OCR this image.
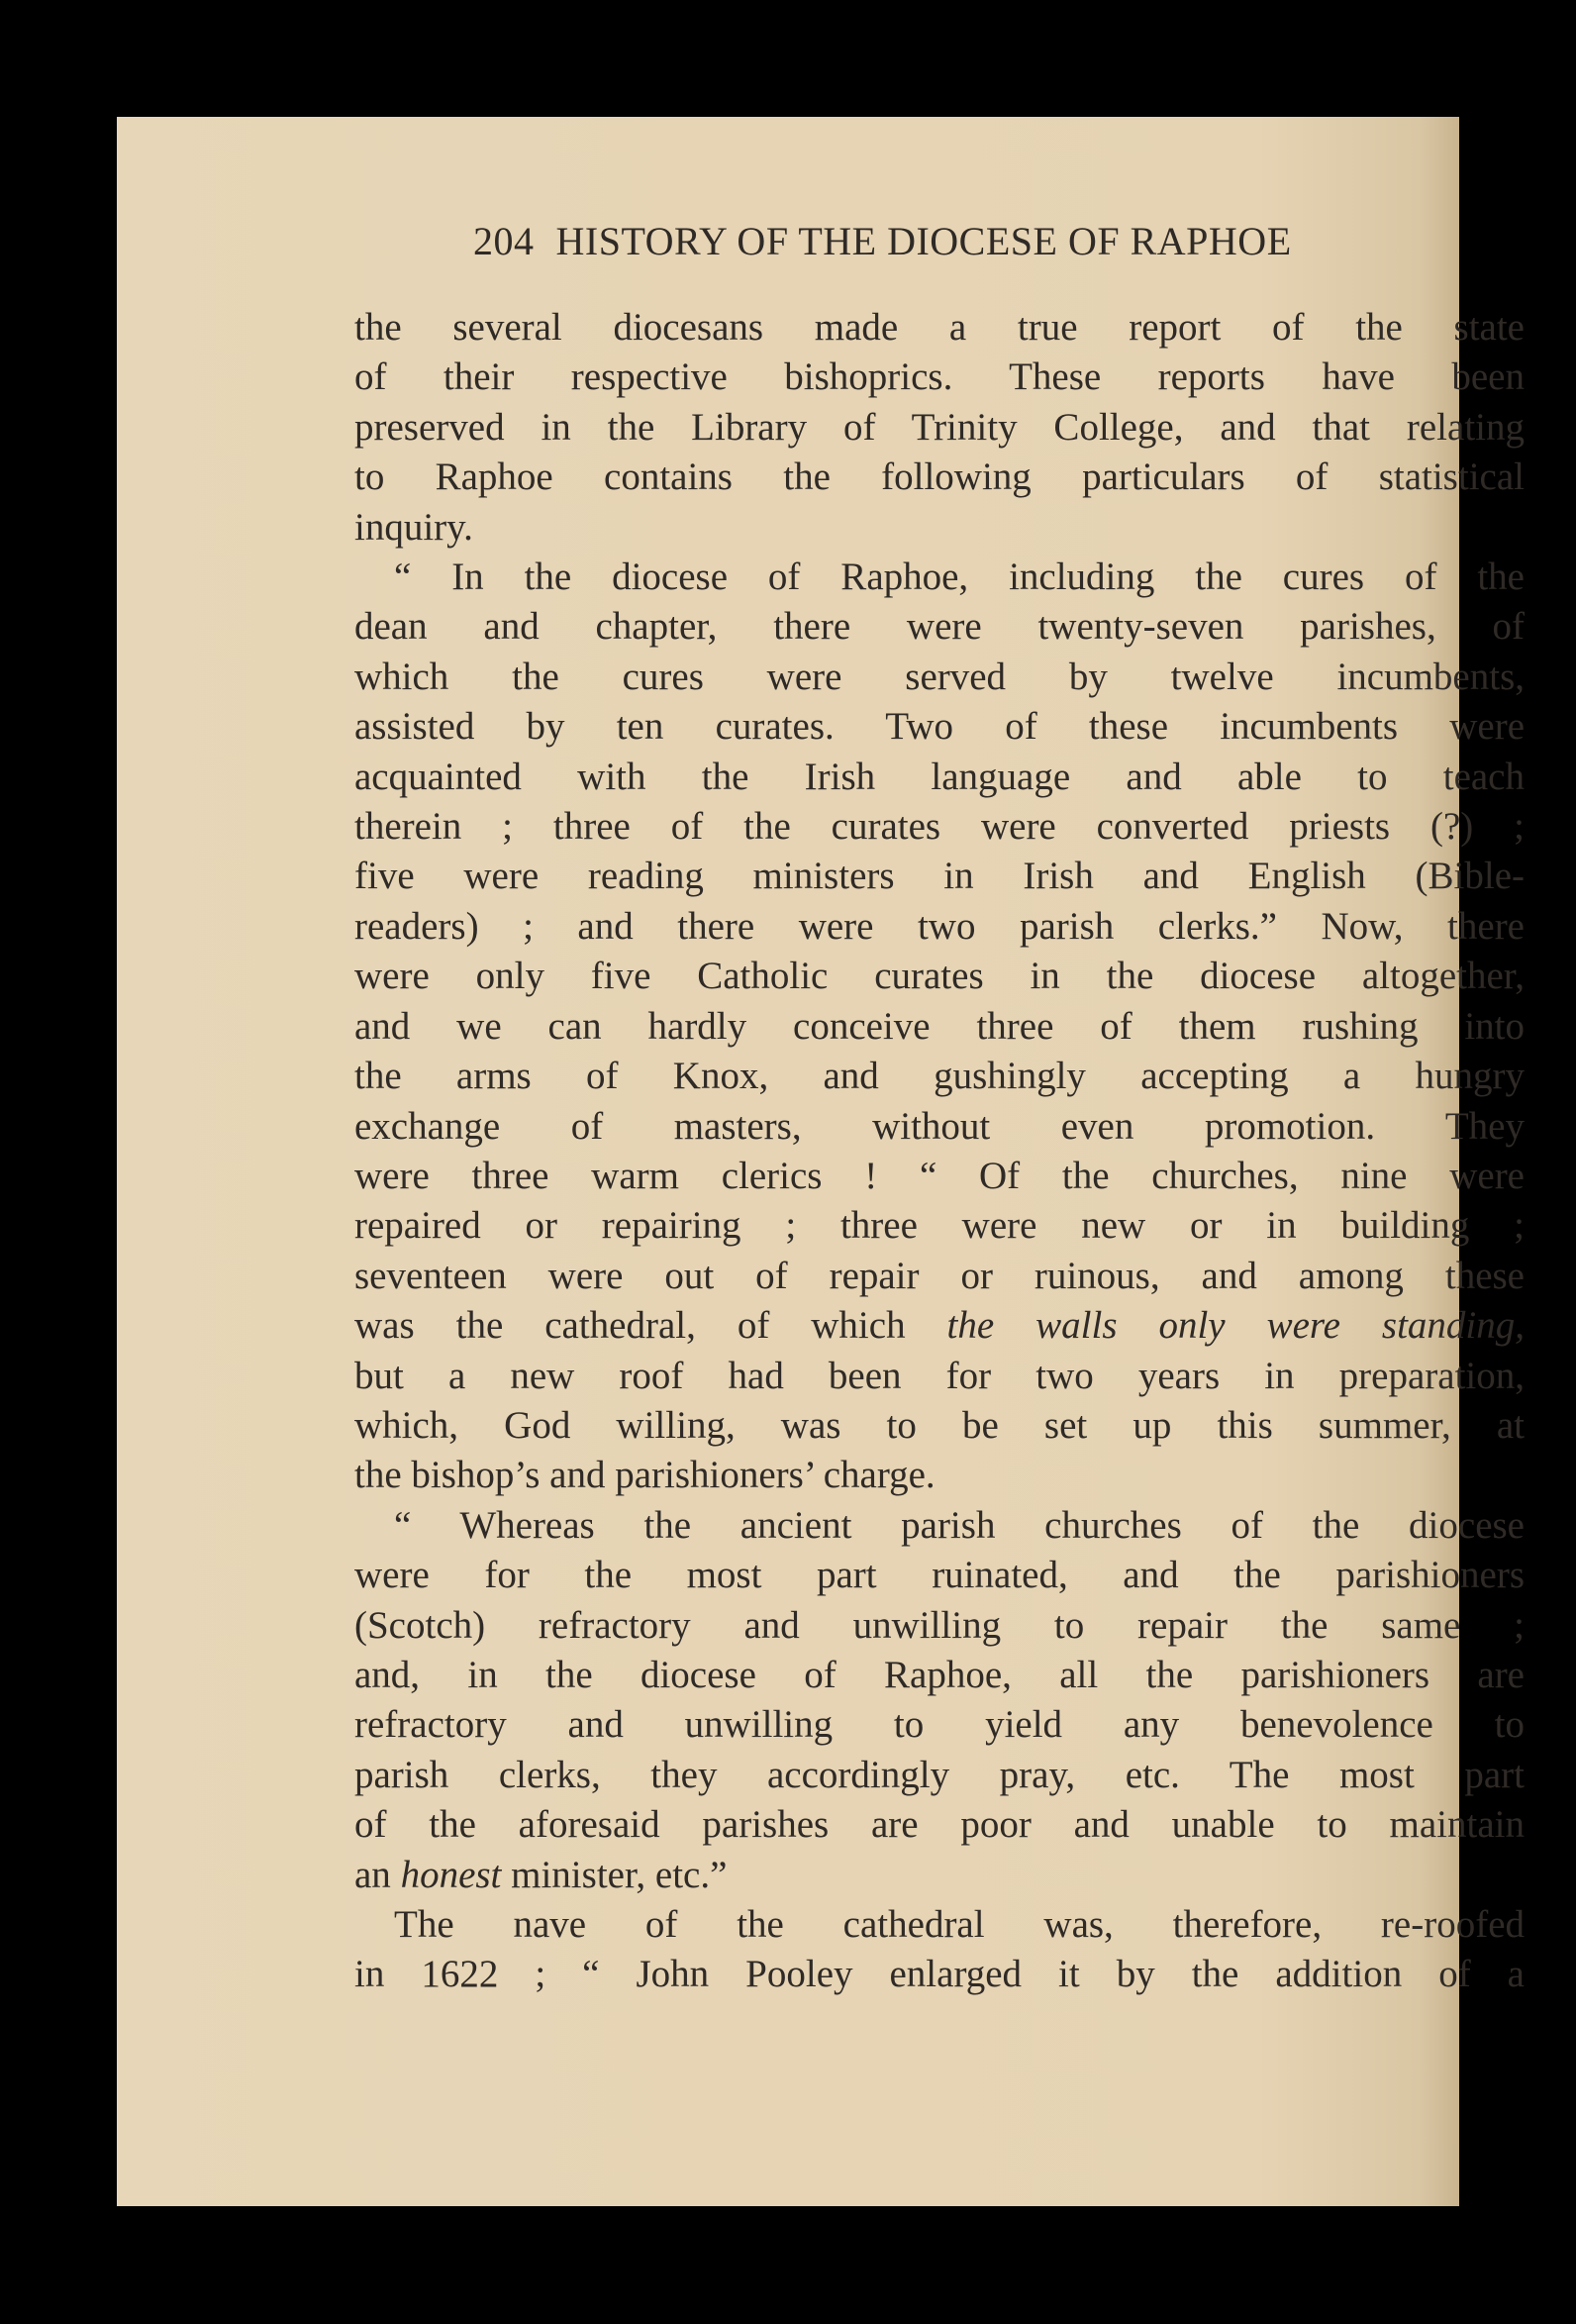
204 HISTORY OF THE DIOCESE OF RAPHOE
the several diocesans made a true report of the state
of their respective bishoprics. These reports have been
preserved in the Library of Trinity College, and that relating
to Raphoe contains the following particulars of statistical
inquiry.
“ In the diocese of Raphoe, including the cures of the
dean and chapter, there were twenty-seven parishes, of
which the cures were served by twelve incumbents,
assisted by ten curates. Two of these incumbents were
acquainted with the Irish language and able to teach
therein ; three of the curates were converted priests (?) ;
five were reading ministers in Irish and English (Bible-
readers) ; and there were two parish clerks.” Now, there
were only five Catholic curates in the diocese altogether,
and we can hardly conceive three of them rushing into
the arms of Knox, and gushingly accepting a hungry
exchange of masters, without even promotion. They
were three warm clerics ! “ Of the churches, nine were
repaired or repairing ; three were new or in building ;
seventeen were out of repair or ruinous, and among these
was the cathedral, of which the walls only were standing,
but a new roof had been for two years in preparation,
which, God willing, was to be set up this summer, at
the bishop’s and parishioners’ charge.
“ Whereas the ancient parish churches of the diocese
were for the most part ruinated, and the parishioners
(Scotch) refractory and unwilling to repair the same ;
and, in the diocese of Raphoe, all the parishioners are
refractory and unwilling to yield any benevolence to
parish clerks, they accordingly pray, etc. The most part
of the aforesaid parishes are poor and unable to maintain
an honest minister, etc.”
The nave of the cathedral was, therefore, re-roofed
in 1622 ; “ John Pooley enlarged it by the addition of a
